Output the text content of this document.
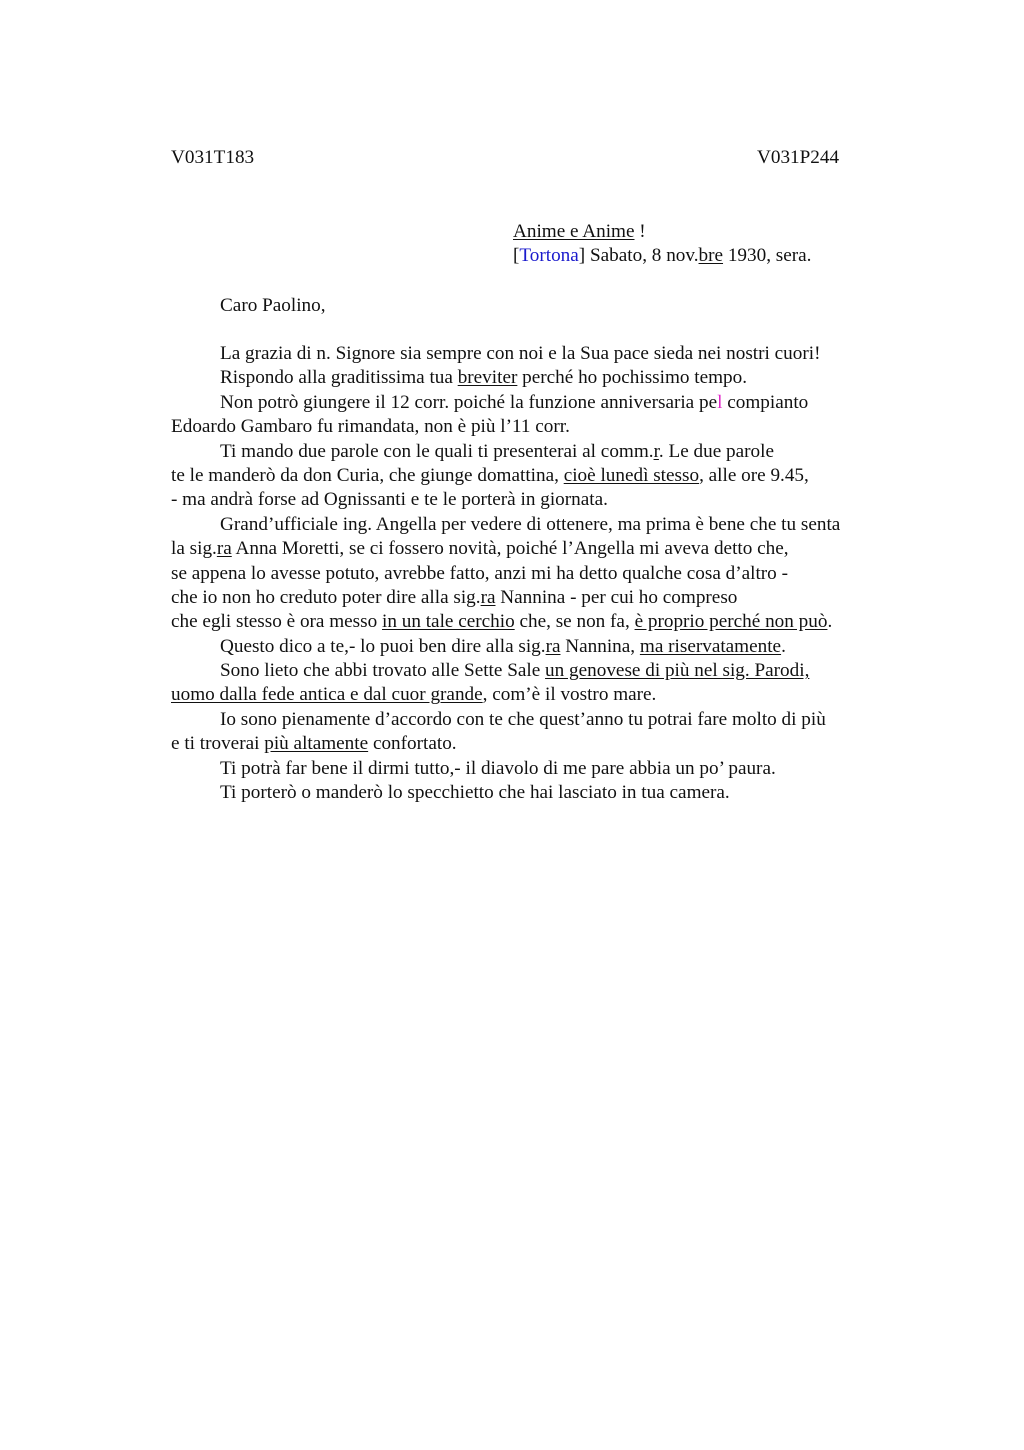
V031T183	V031P244
Anime e Anime !
[Tortona] Sabato, 8 nov.bre 1930, sera.
Caro Paolino,

La grazia di n. Signore sia sempre con noi e la Sua pace sieda nei nostri cuori!

Rispondo alla graditissima tua breviter perché ho pochissimo tempo.

Non potrò giungere il 12 corr. poiché la funzione anniversaria pel compianto

Edoardo Gambaro fu rimandata, non è più l’11 corr.

Ti mando due parole con le quali ti presenterai al comm.r. Le due parole

te le manderò da don Curia, che giunge domattina, cioè lunedì stesso, alle ore 9.45,

- ma andrà forse ad Ognissanti e te le porterà in giornata.

Grand’ufficiale ing. Angella per vedere di ottenere, ma prima è bene che tu senta

la sig.ra Anna Moretti, se ci fossero novità, poiché l’Angella mi aveva detto che,

se appena lo avesse potuto, avrebbe fatto, anzi mi ha detto qualche cosa d’altro -

che io non ho creduto poter dire alla sig.ra Nannina - per cui ho compreso

che egli stesso è ora messo in un tale cerchio che, se non fa, è proprio perché non può.

Questo dico a te,- lo puoi ben dire alla sig.ra Nannina, ma riservatamente.

Sono lieto che abbi trovato alle Sette Sale un genovese di più nel sig. Parodi,

uomo dalla fede antica e dal cuor grande, com’è il vostro mare.

Io sono pienamente d’accordo con te che quest’anno tu potrai fare molto di più

e ti troverai più altamente confortato.

Ti potrà far bene il dirmi tutto,- il diavolo di me pare abbia un po’ paura.

Ti porterò o manderò lo specchietto che hai lasciato in tua camera.
